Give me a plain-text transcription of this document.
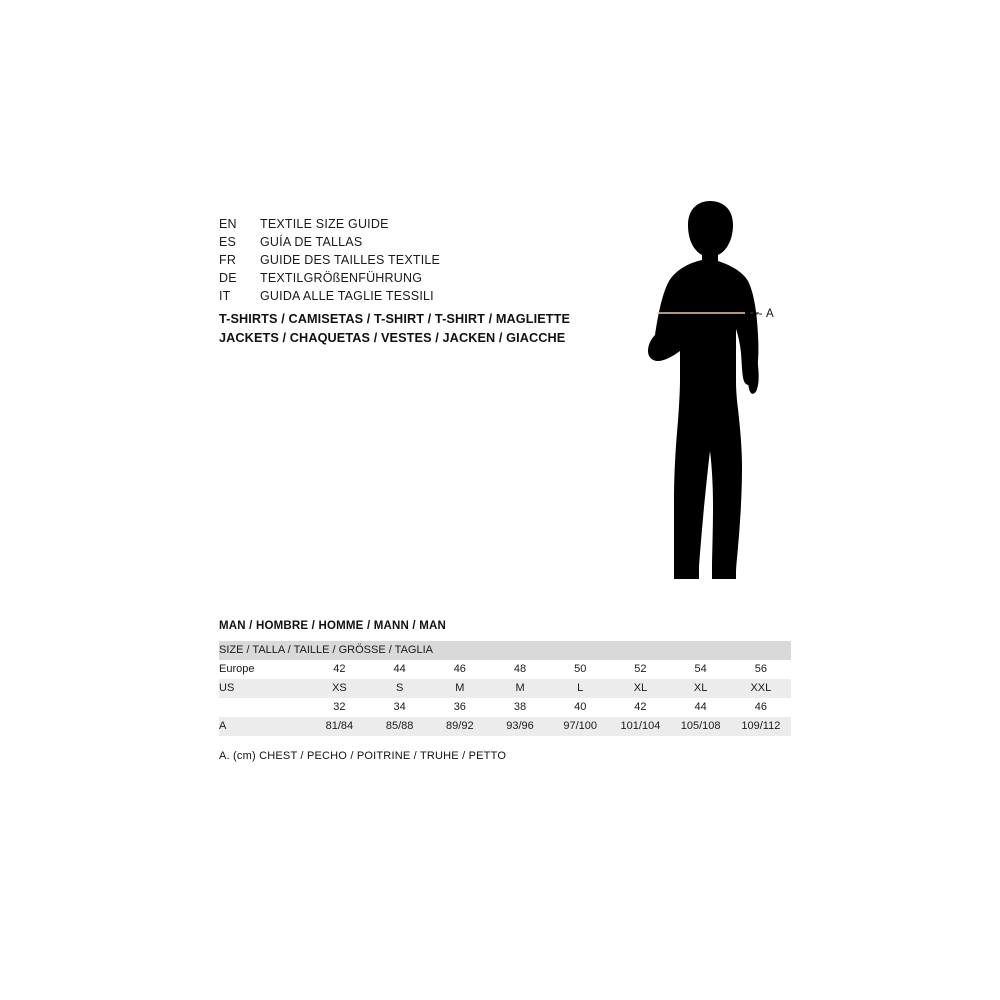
EN	TEXTILE SIZE GUIDE
ES	GUÍA DE TALLAS
FR	GUIDE DES TAILLES TEXTILE
DE	TEXTILGRÖßENFÜHRUNG
IT	GUIDA ALLE TAGLIE TESSILI
T-SHIRTS / CAMISETAS / T-SHIRT / T-SHIRT / MAGLIETTE
JACKETS / CHAQUETAS / VESTES / JACKEN / GIACCHE
--- A
MAN / HOMBRE / HOMME / MANN / MAN
SIZE / TALLA / TAILLE / GRÖSSE / TAGLIA								
Europe	42	44	46	48	50	52	54	56
US	XS	S	M	M	L	XL	XL	XXL
	32	34	36	38	40	42	44	46
A	81/84	85/88	89/92	93/96	97/100	101/104	105/108	109/112
A. (cm) CHEST / PECHO / POITRINE / TRUHE / PETTO
